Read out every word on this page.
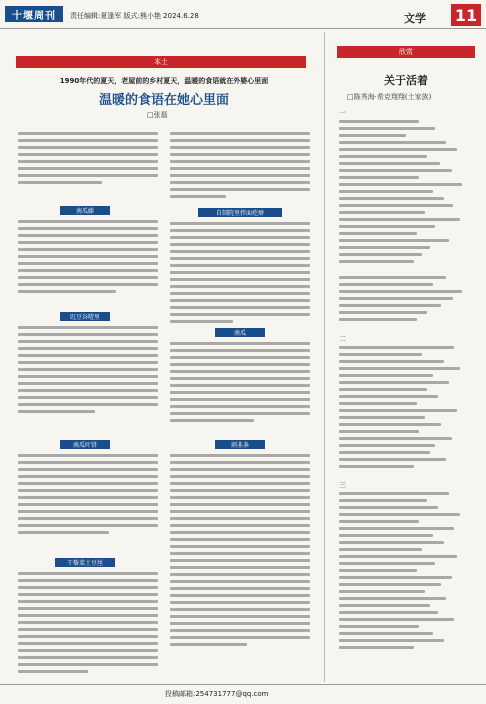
十堰周刊	责任编辑:夏逢军 版式:熊小艳 2024.6.28	文学 11
本土
1990年代的夏天，老屋前的乡村夏天，温暖的食语就在外婆心里面
温暖的食语在她心里面
□张磊
南瓜藤
豇豆谷喳里
南瓜叶饼
干藜菜土豆丝
自制院里拌面疙瘩
南瓜
割韭条
欣赏
关于活着
□陈秀海·希克翔翔(土家族)
一
二
三
投稿邮箱:254731777@qq.com
